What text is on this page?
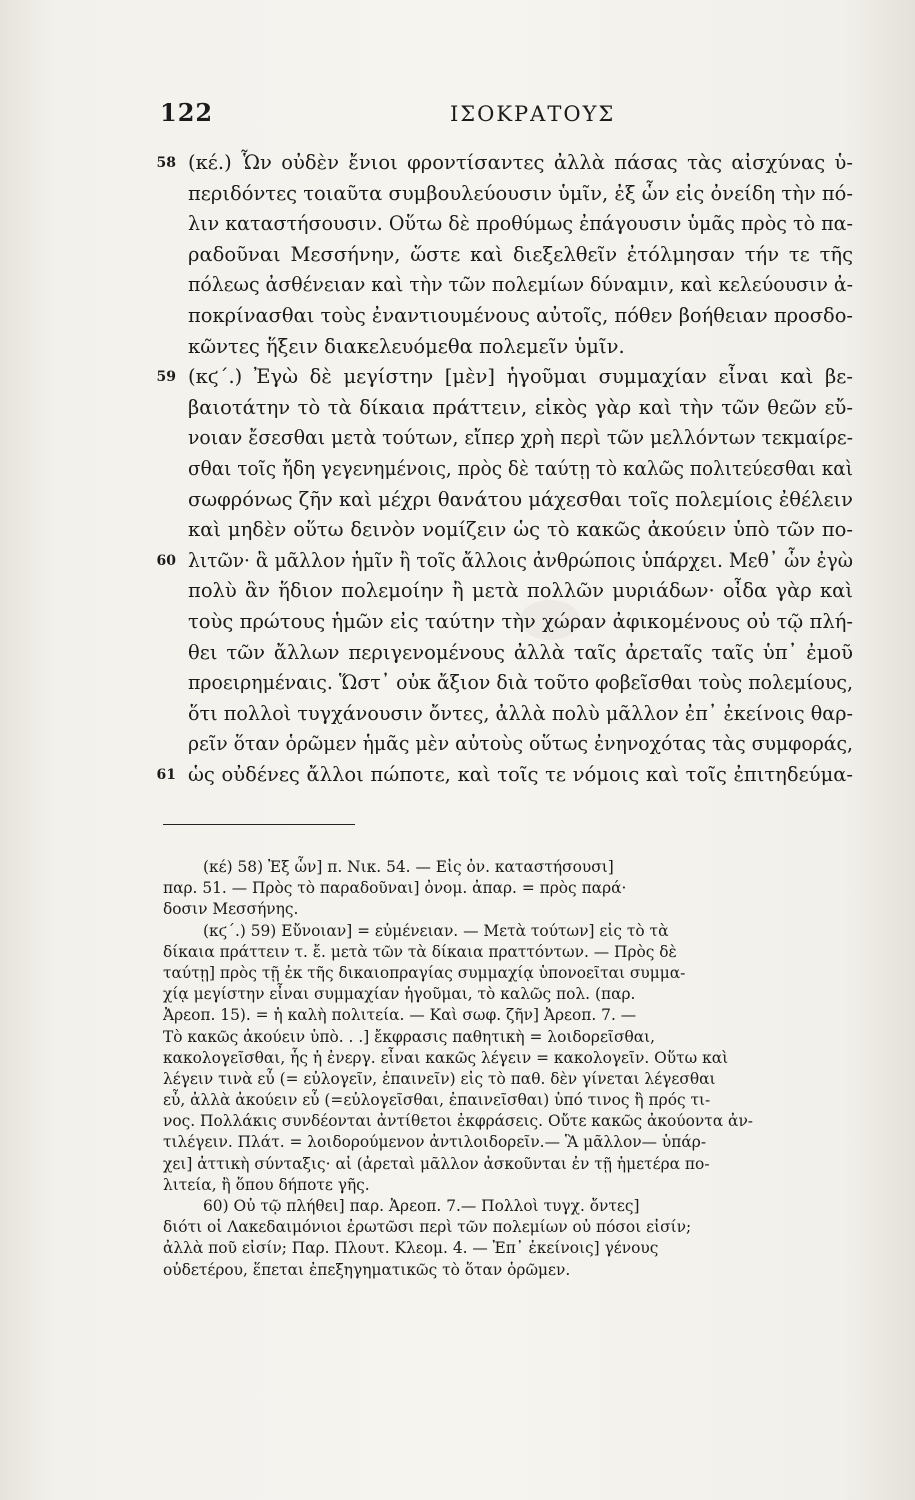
122	ΙΣΟΚΡΑΤΟΥΣ
58 (κέ.) Ὧν οὐδὲν ἔνιοι φροντίσαντες ἀλλὰ πάσας τὰς αἰσχύνας ὑ-
περιδόντες τοιαῦτα συμβουλεύουσιν ὑμῖν, ἐξ ὧν εἰς ὀνείδη τὴν πό-
λιν καταστήσουσιν. Οὕτω δὲ προθύμως ἐπάγουσιν ὑμᾶς πρὸς τὸ πα-
ραδοῦναι Μεσσήνην, ὥστε καὶ διεξελθεῖν ἐτόλμησαν τήν τε τῆς
πόλεως ἀσθένειαν καὶ τὴν τῶν πολεμίων δύναμιν, καὶ κελεύουσιν ἀ-
ποκρίνασθαι τοὺς ἐναντιουμένους αὐτοῖς, πόθεν βοήθειαν προσδο-
κῶντες ἥξειν διακελευόμεθα πολεμεῖν ὑμῖν.
59 (κϛ΄.) Ἐγὼ δὲ μεγίστην [μὲν] ἡγοῦμαι συμμαχίαν εἶναι καὶ βε-
βαιοτάτην τὸ τὰ δίκαια πράττειν, εἰκὸς γὰρ καὶ τὴν τῶν θεῶν εὔ-
νοιαν ἔσεσθαι μετὰ τούτων, εἴπερ χρὴ περὶ τῶν μελλόντων τεκμαίρε-
σθαι τοῖς ἤδη γεγενημένοις, πρὸς δὲ ταύτῃ τὸ καλῶς πολιτεύεσθαι καὶ
σωφρόνως ζῆν καὶ μέχρι θανάτου μάχεσθαι τοῖς πολεμίοις ἐθέλειν
καὶ μηδὲν οὕτω δεινὸν νομίζειν ὡς τὸ κακῶς ἀκούειν ὑπὸ τῶν πο-
60 λιτῶν· ἃ μᾶλλον ἡμῖν ἢ τοῖς ἄλλοις ἀνθρώποις ὑπάρχει. Μεθ᾽ ὧν ἐγὼ
πολὺ ἂν ἥδιον πολεμοίην ἢ μετὰ πολλῶν μυριάδων· οἶδα γὰρ καὶ
τοὺς πρώτους ἡμῶν εἰς ταύτην τὴν χώραν ἀφικομένους οὐ τῷ πλή-
θει τῶν ἄλλων περιγενομένους ἀλλὰ ταῖς ἀρεταῖς ταῖς ὑπ᾽ ἐμοῦ
προειρημέναις. Ὥστ᾽ οὐκ ἄξιον διὰ τοῦτο φοβεῖσθαι τοὺς πολεμίους,
ὅτι πολλοὶ τυγχάνουσιν ὄντες, ἀλλὰ πολὺ μᾶλλον ἐπ᾽ ἐκείνοις θαρ-
ρεῖν ὅταν ὁρῶμεν ἡμᾶς μὲν αὐτοὺς οὕτως ἐνηνοχότας τὰς συμφοράς,
61 ὡς οὐδένες ἄλλοι πώποτε, καὶ τοῖς τε νόμοις καὶ τοῖς ἐπιτηδεύμα-
(κέ) 58) Ἐξ ὧν] π. Νικ. 54. — Εἰς ὀν. καταστήσουσι]
παρ. 51. — Πρὸς τὸ παραδοῦναι] ὀνομ. ἀπαρ. = πρὸς παρά·
δοσιν Μεσσήνης.
(κϛ΄.) 59) Εὔνοιαν] = εὐμένειαν. — Μετὰ τούτων] εἰς τὸ τὰ
δίκαια πράττειν τ. ἔ. μετὰ τῶν τὰ δίκαια πραττόντων. — Πρὸς δὲ
ταύτῃ] πρὸς τῇ ἐκ τῆς δικαιοπραγίας συμμαχίᾳ ὑπονοεῖται συμμα-
χίᾳ μεγίστην εἶναι συμμαχίαν ἡγοῦμαι, τὸ καλῶς πολ. (παρ.
Ἀρεοπ. 15). = ἡ καλὴ πολιτεία. — Καὶ σωφ. ζῆν] Ἀρεοπ. 7. —
Τὸ κακῶς ἀκούειν ὑπὸ. . .] ἔκφρασις παθητικὴ = λοιδορεῖσθαι,
κακολογεῖσθαι, ἧς ἡ ἐνεργ. εἶναι κακῶς λέγειν = κακολογεῖν. Οὕτω καὶ
λέγειν τινὰ εὖ (= εὐλογεῖν, ἐπαινεῖν) εἰς τὸ παθ. δὲν γίνεται λέγεσθαι
εὖ, ἀλλὰ ἀκούειν εὖ (=εὐλογεῖσθαι, ἐπαινεῖσθαι) ὑπό τινος ἢ πρός τι-
νος. Πολλάκις συνδέονται ἀντίθετοι ἐκφράσεις. Οὔτε κακῶς ἀκούοντα ἀν-
τιλέγειν. Πλάτ. = λοιδορούμενον ἀντιλοιδορεῖν.— Ἃ μᾶλλον— ὑπάρ-
χει] ἀττικὴ σύνταξις· αἱ (ἀρεταὶ μᾶλλον ἀσκοῦνται ἐν τῇ ἡμετέρα πο-
λιτεία, ἢ ὅπου δήποτε γῆς.
60) Οὐ τῷ πλήθει] παρ. Ἀρεοπ. 7.— Πολλοὶ τυγχ. ὄντες]
διότι οἱ Λακεδαιμόνιοι ἐρωτῶσι περὶ τῶν πολεμίων οὐ πόσοι εἰσίν;
ἀλλὰ ποῦ εἰσίν; Παρ. Πλουτ. Κλεομ. 4. — Ἐπ᾽ ἐκείνοις] γένους
οὐδετέρου, ἕπεται ἐπεξηγηματικῶς τὸ ὅταν ὁρῶμεν.
